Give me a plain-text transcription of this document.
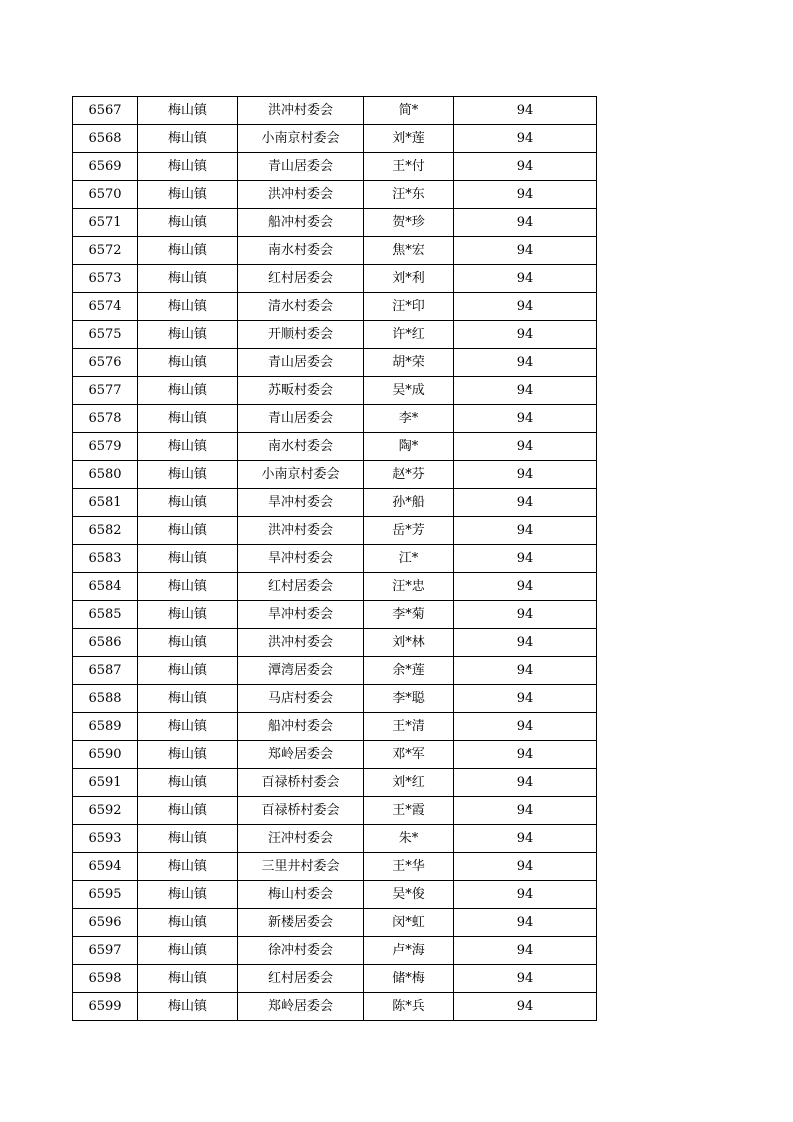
6567	梅山镇	洪冲村委会	简*	94
6568	梅山镇	小南京村委会	刘*莲	94
6569	梅山镇	青山居委会	王*付	94
6570	梅山镇	洪冲村委会	汪*东	94
6571	梅山镇	船冲村委会	贺*珍	94
6572	梅山镇	南水村委会	焦*宏	94
6573	梅山镇	红村居委会	刘*利	94
6574	梅山镇	清水村委会	汪*印	94
6575	梅山镇	开顺村委会	许*红	94
6576	梅山镇	青山居委会	胡*荣	94
6577	梅山镇	苏畈村委会	吴*成	94
6578	梅山镇	青山居委会	李*	94
6579	梅山镇	南水村委会	陶*	94
6580	梅山镇	小南京村委会	赵*芬	94
6581	梅山镇	旱冲村委会	孙*船	94
6582	梅山镇	洪冲村委会	岳*芳	94
6583	梅山镇	旱冲村委会	江*	94
6584	梅山镇	红村居委会	汪*忠	94
6585	梅山镇	旱冲村委会	李*菊	94
6586	梅山镇	洪冲村委会	刘*林	94
6587	梅山镇	潭湾居委会	余*莲	94
6588	梅山镇	马店村委会	李*聪	94
6589	梅山镇	船冲村委会	王*清	94
6590	梅山镇	郑岭居委会	邓*军	94
6591	梅山镇	百禄桥村委会	刘*红	94
6592	梅山镇	百禄桥村委会	王*霞	94
6593	梅山镇	汪冲村委会	朱*	94
6594	梅山镇	三里井村委会	王*华	94
6595	梅山镇	梅山村委会	吴*俊	94
6596	梅山镇	新楼居委会	闵*虹	94
6597	梅山镇	徐冲村委会	卢*海	94
6598	梅山镇	红村居委会	储*梅	94
6599	梅山镇	郑岭居委会	陈*兵	94
